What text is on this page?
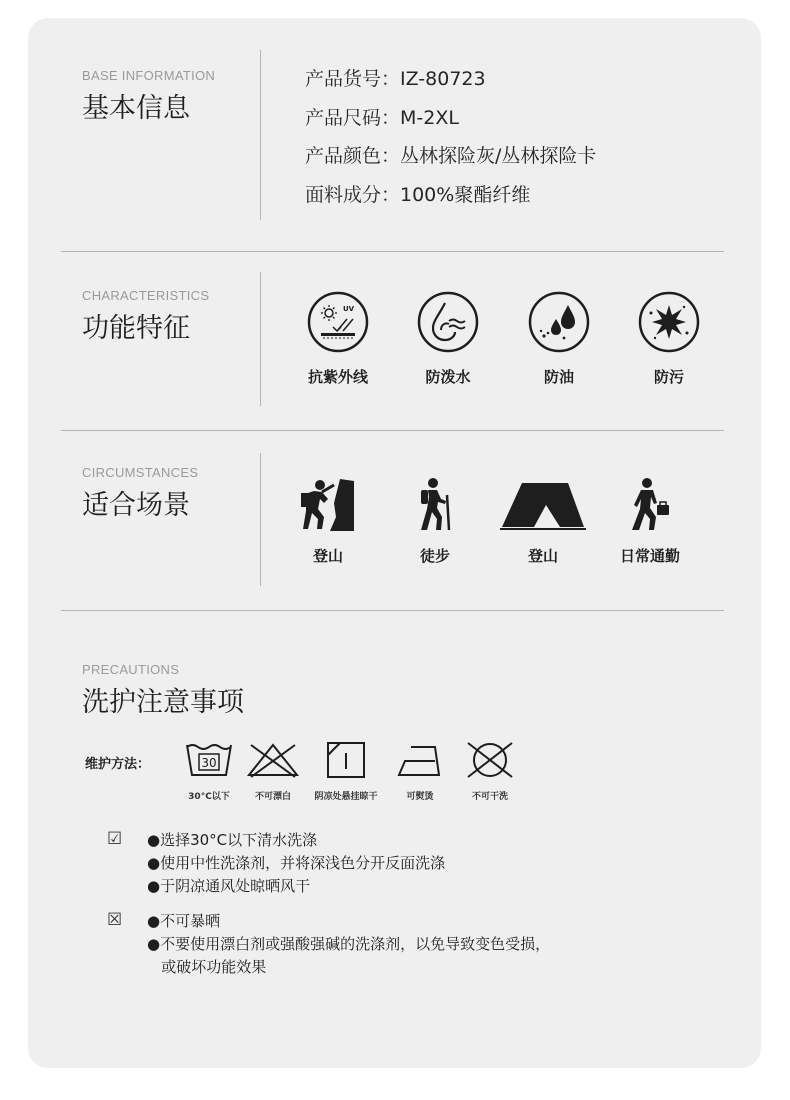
BASE INFORMATION
基本信息
产品货号：IZ-80723
产品尺码：M-2XL
产品颜色：丛林探险灰/丛林探险卡
面料成分：100%聚酯纤维
CHARACTERISTICS
功能特征
UV
抗紫外线	防泼水	防油	防污
CIRCUMSTANCES
适合场景
登山	徒步	登山	日常通勤
PRECAUTIONS
洗护注意事项
维护方法：	30
30°C以下	不可漂白	阴凉处悬挂晾干	可熨烫	不可干洗
☑ ●选择30°C以下清水洗涤
●使用中性洗涤剂，并将深浅色分开反面洗涤
●于阴凉通风处晾晒风干
☒ ●不可暴晒
●不要使用漂白剂或强酸强碱的洗涤剂，以免导致变色受损，
或破坏功能效果
